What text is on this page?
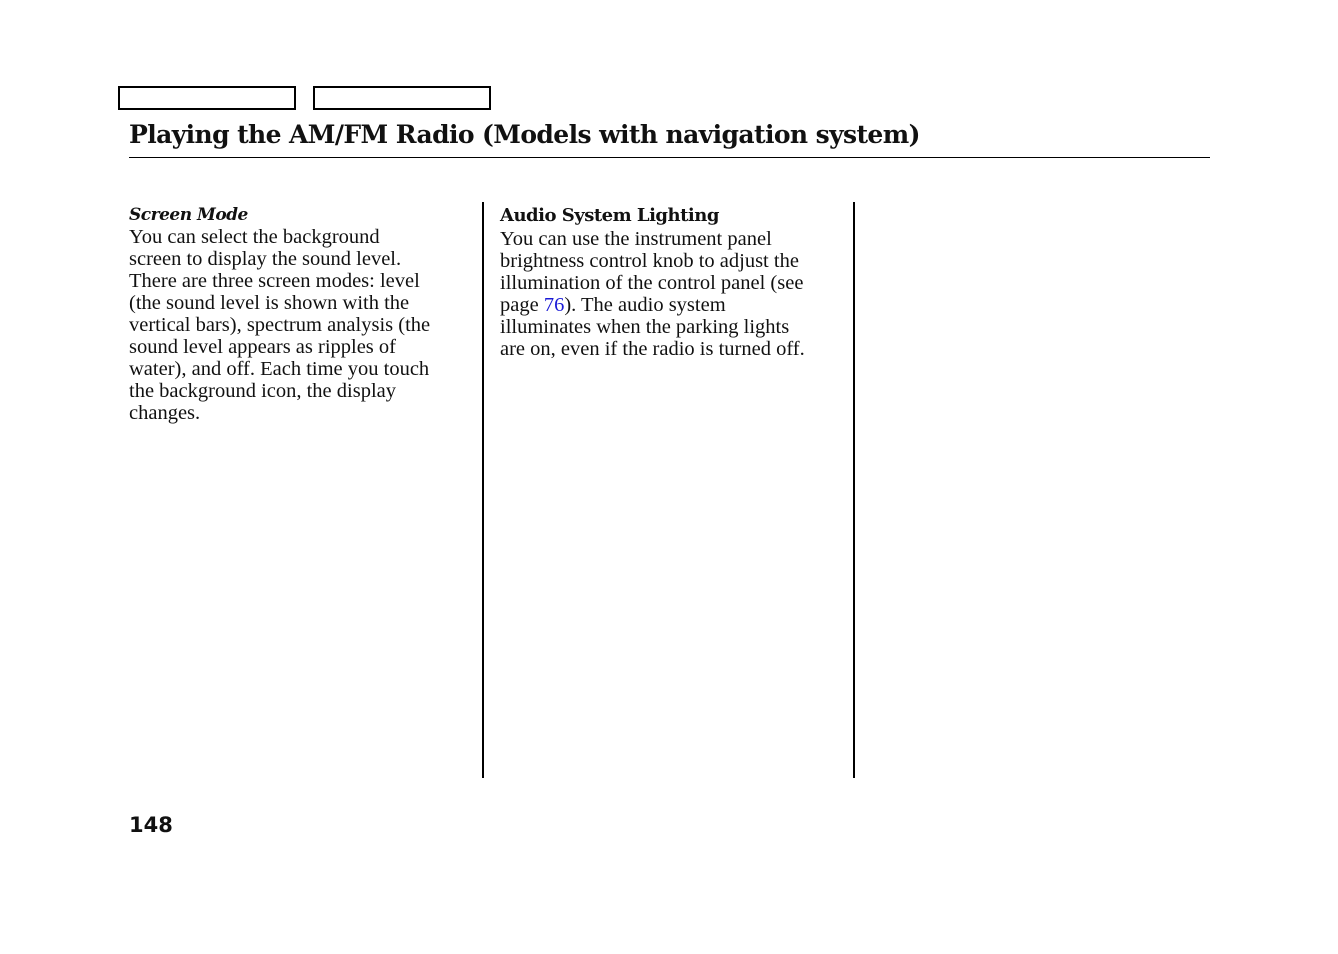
Playing the AM/FM Radio (Models with navigation system)
Screen Mode
You can select the background
screen to display the sound level.
There are three screen modes: level
(the sound level is shown with the
vertical bars), spectrum analysis (the
sound level appears as ripples of
water), and off. Each time you touch
the background icon, the display
changes.
Audio System Lighting
You can use the instrument panel
brightness control knob to adjust the
illumination of the control panel (see
page 76). The audio system
illuminates when the parking lights
are on, even if the radio is turned off.
148
